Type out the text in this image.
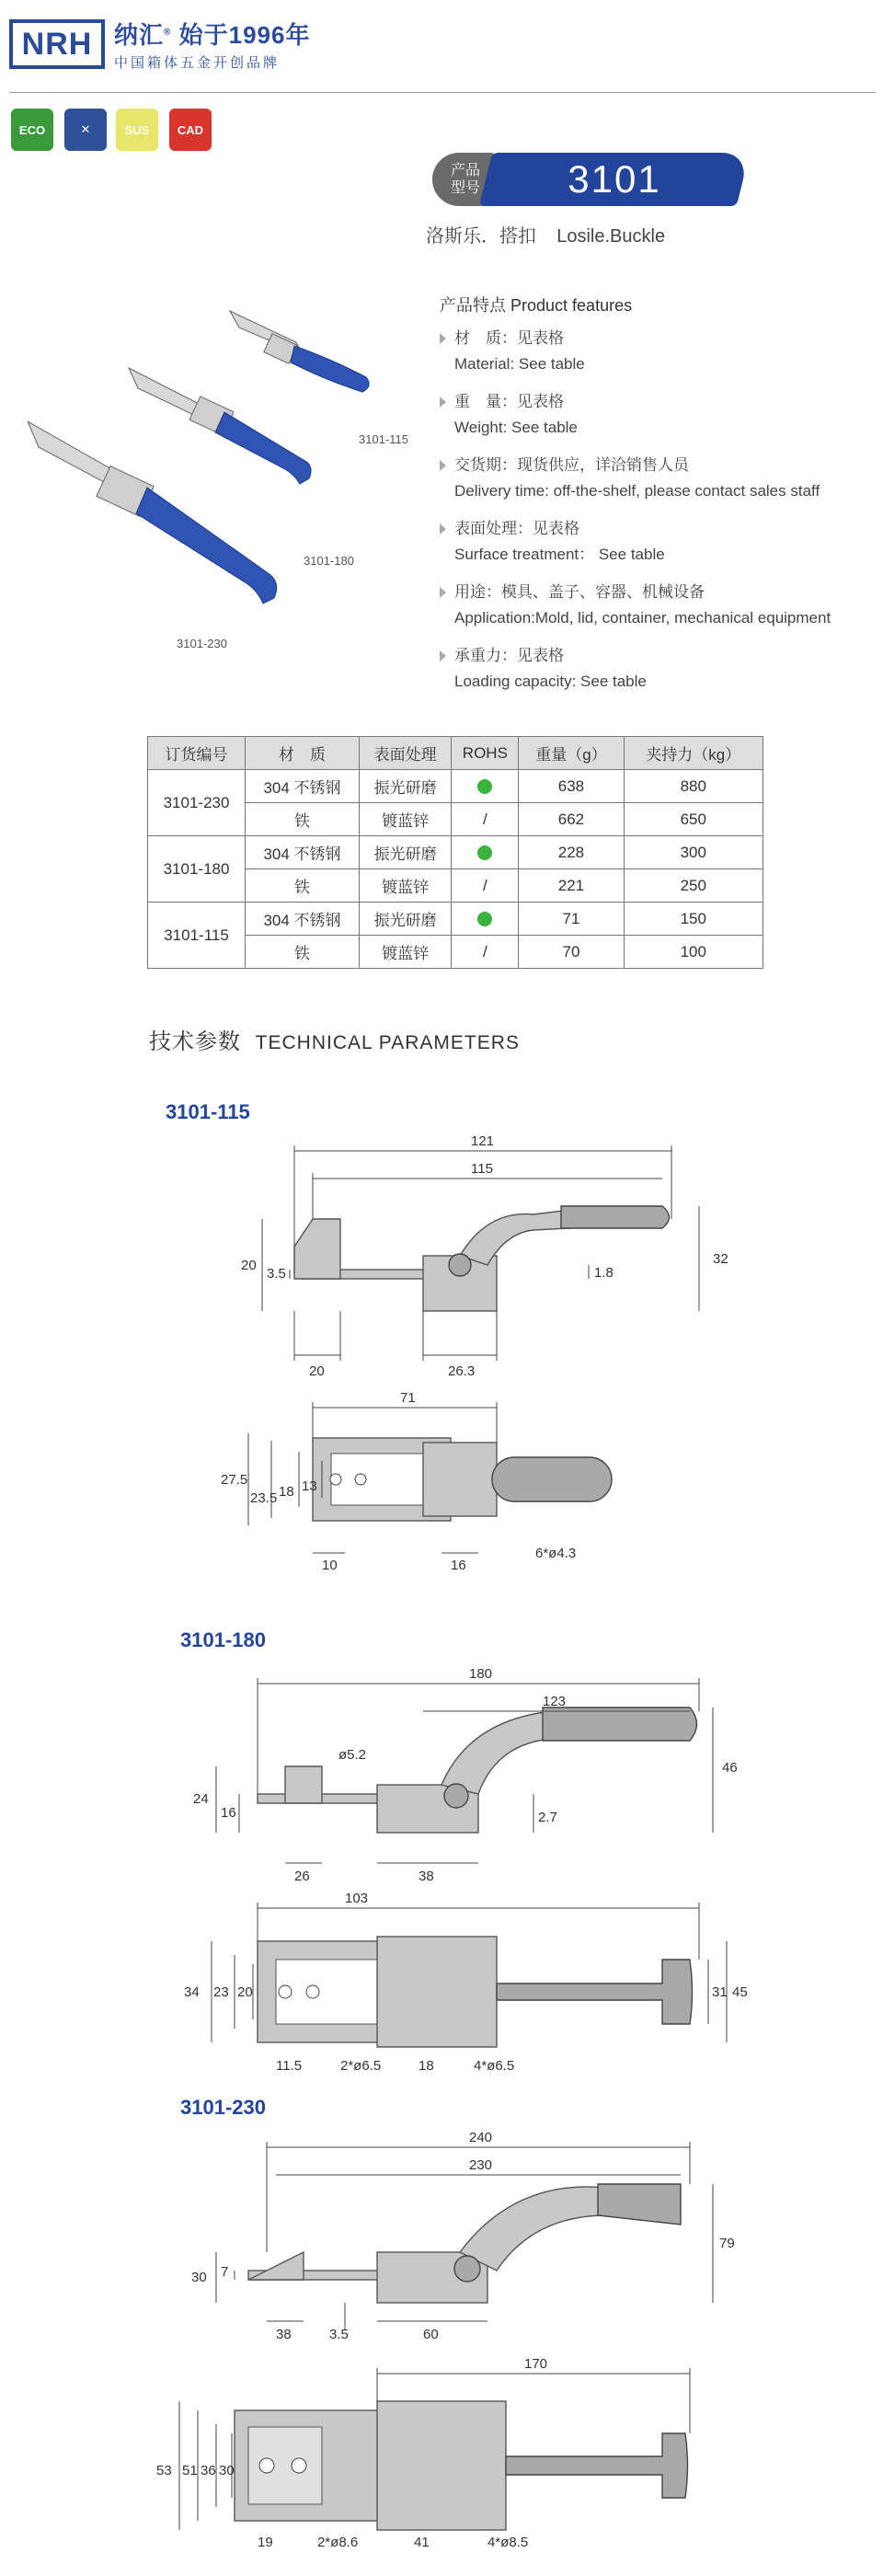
NRH 纳汇® 始于1996年
中国箱体五金开创品牌
ECO	✕	SUS	CAD
产品型号	3101
洛斯乐．搭扣 Losile.Buckle
3101-115
3101-180
3101-230
产品特点 Product features
材　质：见表格
Material: See table
重　量：见表格
Weight: See table
交货期：现货供应，详洽销售人员
Delivery time: off-the-shelf, please contact sales staff
表面处理：见表格
Surface treatment： See table
用途：模具、盖子、容器、机械设备
Application:Mold, lid, container, mechanical equipment
承重力：见表格
Loading capacity: See table
订货编号	材　质	表面处理	ROHS	重量（g）	夹持力（kg）
3101-230	304 不锈钢	振光研磨		638	880
	铁	镀蓝锌	/	662	650
3101-180	304 不锈钢	振光研磨		228	300
	铁	镀蓝锌	/	221	250
3101-115	304 不锈钢	振光研磨		71	150
	铁	镀蓝锌	/	70	100
技术参数 TECHNICAL PARAMETERS
3101-115
121
115
32
20
3.5	1.8
20	26.3
71
27.5
23.5 18 13
10	16
6*ø4.3
3101-180
180
123
ø5.2
46
24
16	2.7
26	38
103
34 23 20	31 45
11.5	2*ø6.5	18	4*ø6.5
3101-230
240
230
79
30 7
38	3.5	60
170
53 51 36 30
19	2*ø8.6	41	4*ø8.5
